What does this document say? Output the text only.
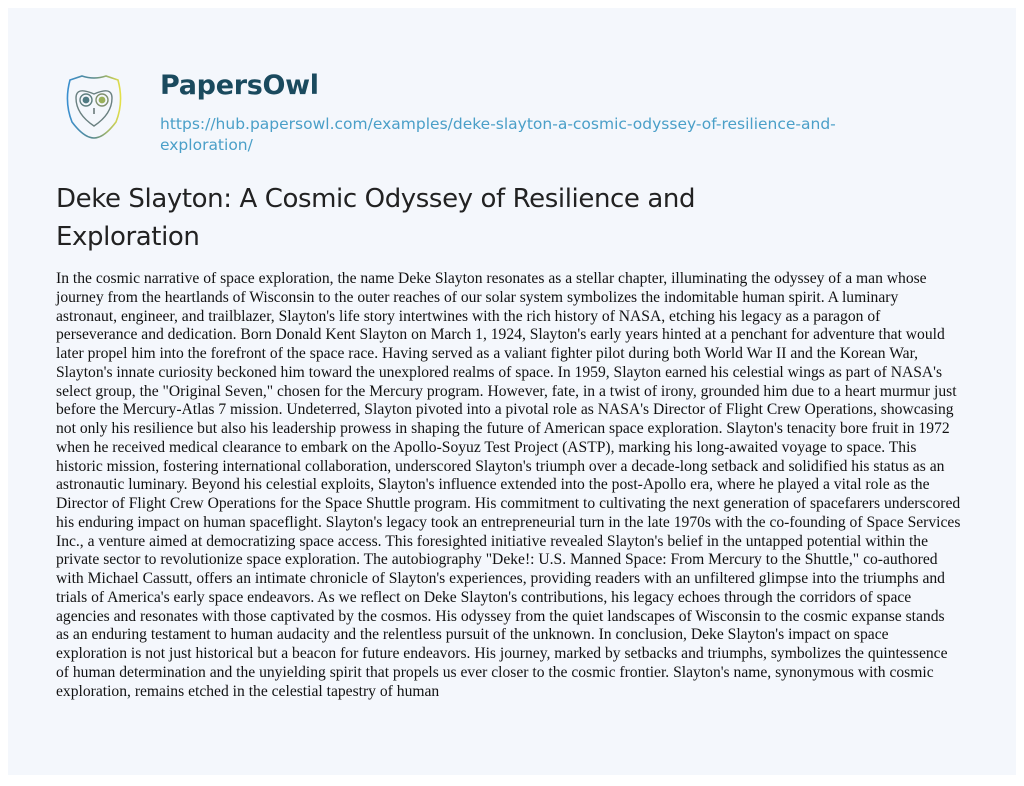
PapersOwl
https://hub.papersowl.com/examples/deke-slayton-a-cosmic-odyssey-of-resilience-and-
exploration/
Deke Slayton: A Cosmic Odyssey of Resilience and
Exploration
In the cosmic narrative of space exploration, the name Deke Slayton resonates as a stellar chapter, illuminating the odyssey of a man whose
journey from the heartlands of Wisconsin to the outer reaches of our solar system symbolizes the indomitable human spirit. A luminary
astronaut, engineer, and trailblazer, Slayton's life story intertwines with the rich history of NASA, etching his legacy as a paragon of
perseverance and dedication. Born Donald Kent Slayton on March 1, 1924, Slayton's early years hinted at a penchant for adventure that would
later propel him into the forefront of the space race. Having served as a valiant fighter pilot during both World War II and the Korean War,
Slayton's innate curiosity beckoned him toward the unexplored realms of space. In 1959, Slayton earned his celestial wings as part of NASA's
select group, the "Original Seven," chosen for the Mercury program. However, fate, in a twist of irony, grounded him due to a heart murmur just
before the Mercury-Atlas 7 mission. Undeterred, Slayton pivoted into a pivotal role as NASA's Director of Flight Crew Operations, showcasing
not only his resilience but also his leadership prowess in shaping the future of American space exploration. Slayton's tenacity bore fruit in 1972
when he received medical clearance to embark on the Apollo-Soyuz Test Project (ASTP), marking his long-awaited voyage to space. This
historic mission, fostering international collaboration, underscored Slayton's triumph over a decade-long setback and solidified his status as an
astronautic luminary. Beyond his celestial exploits, Slayton's influence extended into the post-Apollo era, where he played a vital role as the
Director of Flight Crew Operations for the Space Shuttle program. His commitment to cultivating the next generation of spacefarers underscored
his enduring impact on human spaceflight. Slayton's legacy took an entrepreneurial turn in the late 1970s with the co-founding of Space Services
Inc., a venture aimed at democratizing space access. This foresighted initiative revealed Slayton's belief in the untapped potential within the
private sector to revolutionize space exploration. The autobiography "Deke!: U.S. Manned Space: From Mercury to the Shuttle," co-authored
with Michael Cassutt, offers an intimate chronicle of Slayton's experiences, providing readers with an unfiltered glimpse into the triumphs and
trials of America's early space endeavors. As we reflect on Deke Slayton's contributions, his legacy echoes through the corridors of space
agencies and resonates with those captivated by the cosmos. His odyssey from the quiet landscapes of Wisconsin to the cosmic expanse stands
as an enduring testament to human audacity and the relentless pursuit of the unknown. In conclusion, Deke Slayton's impact on space
exploration is not just historical but a beacon for future endeavors. His journey, marked by setbacks and triumphs, symbolizes the quintessence
of human determination and the unyielding spirit that propels us ever closer to the cosmic frontier. Slayton's name, synonymous with cosmic
exploration, remains etched in the celestial tapestry of human
